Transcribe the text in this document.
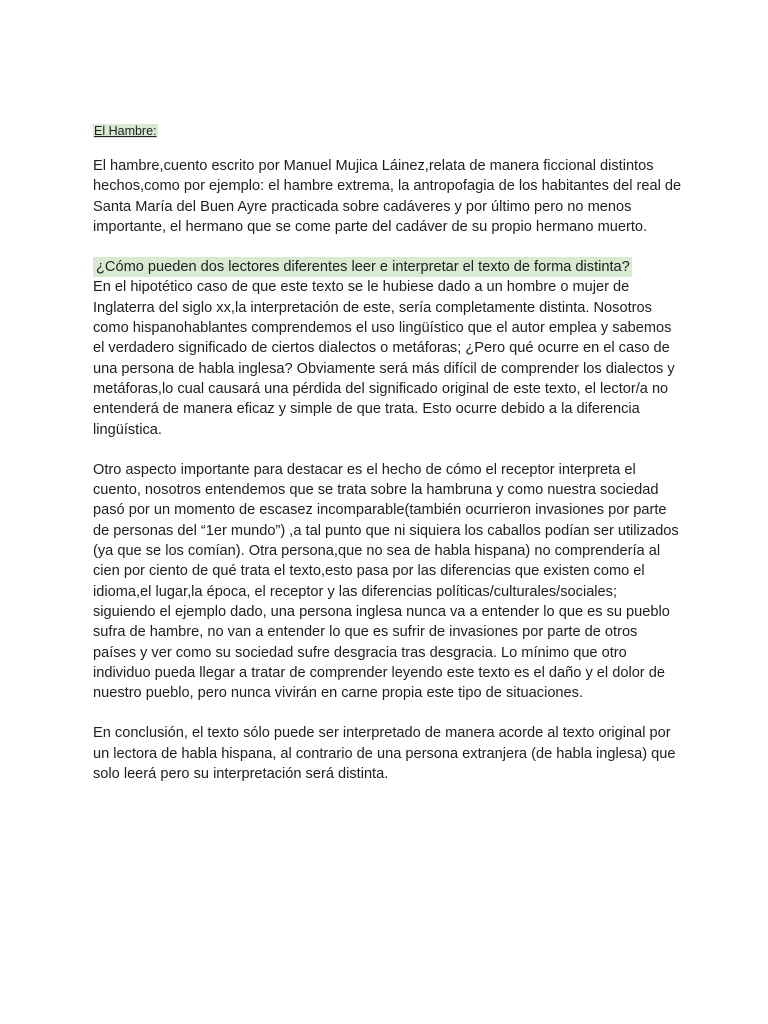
El Hambre:

El hambre,cuento escrito por Manuel Mujica Láinez,relata de manera ficcional distintos hechos,como por ejemplo: el hambre extrema, la antropofagia de los habitantes del real de Santa María del Buen Ayre practicada sobre cadáveres y por último pero no menos importante, el hermano que se come parte del cadáver de su propio hermano muerto.

¿Cómo pueden dos lectores diferentes leer e interpretar el texto de forma distinta?

En el hipotético caso de que este texto se le hubiese dado a un hombre o mujer de Inglaterra del siglo xx,la interpretación de este, sería completamente distinta. Nosotros como hispanohablantes comprendemos el uso lingüístico que el autor emplea y sabemos el verdadero significado de ciertos dialectos o metáforas; ¿Pero qué ocurre en el caso de una persona de habla inglesa? Obviamente será más difícil de comprender los dialectos y metáforas,lo cual causará una pérdida del significado original de este texto, el lector/a no entenderá de manera eficaz y simple de que trata. Esto ocurre debido a la diferencia lingüística.

Otro aspecto importante para destacar es el hecho de cómo el receptor interpreta el cuento, nosotros entendemos que se trata sobre la hambruna y como nuestra sociedad pasó por un momento de escasez incomparable(también ocurrieron invasiones por parte de personas del “1er mundo”) ,a tal punto que ni siquiera los caballos podían ser utilizados (ya que se los comían). Otra persona,que no sea de habla hispana) no comprendería al cien por ciento de qué trata el texto,esto pasa por las diferencias que existen como el idioma,el lugar,la época, el receptor y las diferencias políticas/culturales/sociales; siguiendo el ejemplo dado, una persona inglesa nunca va a entender lo que es su pueblo sufra de hambre, no van a entender lo que es sufrir de invasiones por parte de otros países y ver como su sociedad sufre desgracia tras desgracia. Lo mínimo que otro individuo pueda llegar a tratar de comprender leyendo este texto es el daño y el dolor de nuestro pueblo, pero nunca vivirán en carne propia este tipo de situaciones.

En conclusión, el texto sólo puede ser interpretado de manera acorde al texto original por un lectora de habla hispana, al contrario de una persona extranjera (de habla inglesa) que solo leerá pero su interpretación será distinta.
